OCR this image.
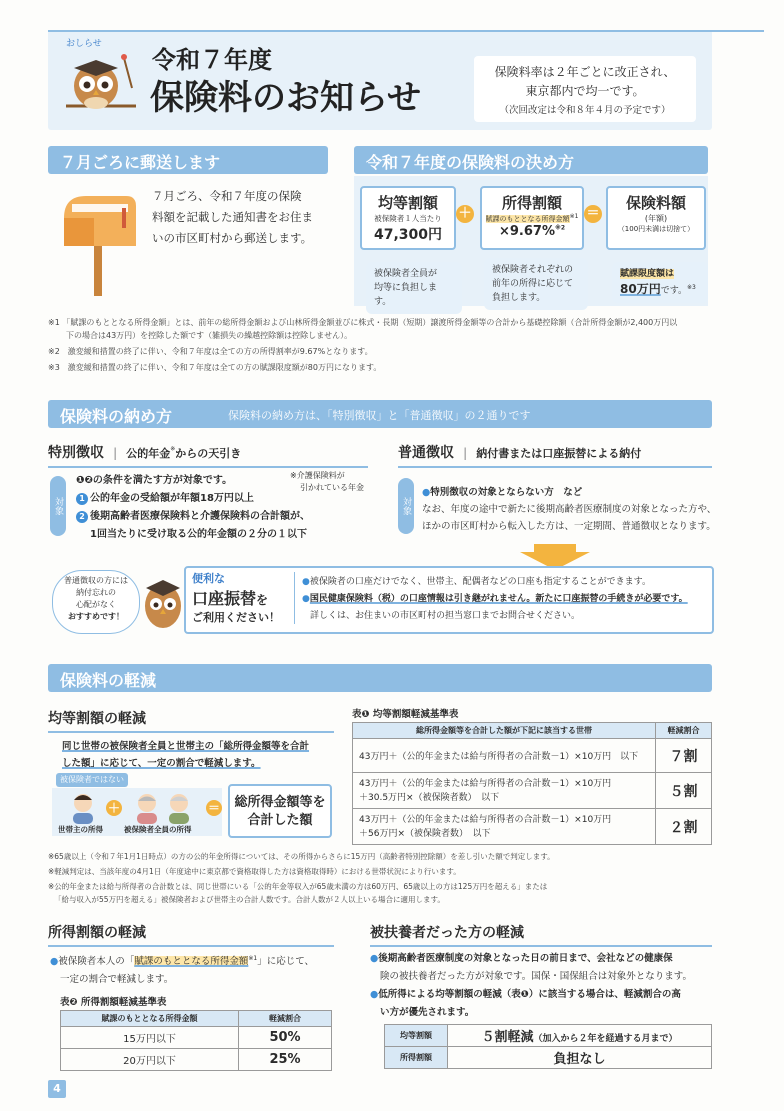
おしらせ
令和７年度
保険料のお知らせ
保険料率は２年ごとに改正され、
東京都内で均一です。
（次回改定は令和８年４月の予定です）
７月ごろに郵送します
７月ごろ、令和７年度の保険
料額を記載した通知書をお住ま
いの市区町村から郵送します。
令和７年度の保険料の決め方
均等割額
被保険者１人当たり
47,300円
＋
所得割額
賦課のもととなる所得金額$^{※1}$
×9.67%$^{※2}$
＝
保険料額
(年額)
（100円未満は切捨て）
被保険者全員が
均等に負担します。
被保険者それぞれの
前年の所得に応じて
負担します。
賦課限度額は
80万円です。$^{※3}$
※1 「賦課のもととなる所得金額」とは、前年の総所得金額および山林所得金額並びに株式・長期（短期）譲渡所得金額等の合計から基礎控除額（合計所得金額が2,400万円以
下の場合は43万円）を控除した額です（雑損失の繰越控除額は控除しません）。
※2　激変緩和措置の終了に伴い、令和７年度は全ての方の所得割率が9.67%となります。
※3　激変緩和措置の終了に伴い、令和７年度は全ての方の賦課限度額が80万円になります。
保険料の納め方	保険料の納め方は、「特別徴収」と「普通徴収」の２通りです
特別徴収 | 公的年金※からの天引き
※介護保険料が
引かれている年金
対象
❶❷の条件を満たす方が対象です。
1 公的年金の受給額が年額18万円以上
2 後期高齢者医療保険料と介護保険料の合計額が、
1回当たりに受け取る公的年金額の２分の１以下
普通徴収 | 納付書または口座振替による納付
対象
●特別徴収の対象とならない方　など
なお、年度の途中で新たに後期高齢者医療制度の対象となった方や、
ほかの市区町村から転入した方は、一定期間、普通徴収となります。
普通徴収の方には
納付忘れの
心配がなく
おすすめです！
便利な
口座振替を
ご利用ください！
●被保険者の口座だけでなく、世帯主、配偶者などの口座も指定することができます。
●国民健康保険料（税）の口座情報は引き継がれません。新たに口座振替の手続きが必要です。
詳しくは、お住まいの市区町村の担当窓口までお問合せください。
保険料の軽減
均等割額の軽減
同じ世帯の被保険者全員と世帯主の「総所得金額等を合計
した額」に応じて、一定の割合で軽減します。
被保険者ではない
＋
世帯主の所得	被保険者全員の所得
＝	総所得金額等を
合計した額
表❶ 均等割額軽減基準表
総所得金額等を合計した額が下記に該当する世帯	軽減割合

43万円＋（公的年金または給与所得者の合計数－1）×10万円　以下	７割

43万円＋（公的年金または給与所得者の合計数－1）×10万円
＋30.5万円×（被保険者数）　以下	５割

43万円＋（公的年金または給与所得者の合計数－1）×10万円
＋56万円×（被保険者数）　以下	２割
※65歳以上（令和７年1月1日時点）の方の公的年金所得については、その所得からさらに15万円（高齢者特別控除額）を差し引いた額で判定します。
※軽減判定は、当該年度の4月1日（年度途中に東京都で資格取得した方は資格取得時）における世帯状況により行います。
※公的年金または給与所得者の合計数とは、同じ世帯にいる「公的年金等収入が65歳未満の方は60万円、65歳以上の方は125万円を超える」または
「給与収入が55万円を超える」被保険者および世帯主の合計人数です。合計人数が２人以上いる場合に適用します。
所得割額の軽減
●被保険者本人の「賦課のもととなる所得金額$^{※1}$」に応じて、
一定の割合で軽減します。
表❷ 所得割額軽減基準表
賦課のもととなる所得金額	軽減割合
15万円以下	50%
20万円以下	25%
被扶養者だった方の軽減
●後期高齢者医療制度の対象となった日の前日まで、会社などの健康保
険の被扶養者だった方が対象です。国保・国保組合は対象外となります。
●低所得による均等割額の軽減（表❶）に該当する場合は、軽減割合の高
い方が優先されます。
均等割額	５割軽減（加入から２年を経過する月まで）
所得割額	負担なし
4
